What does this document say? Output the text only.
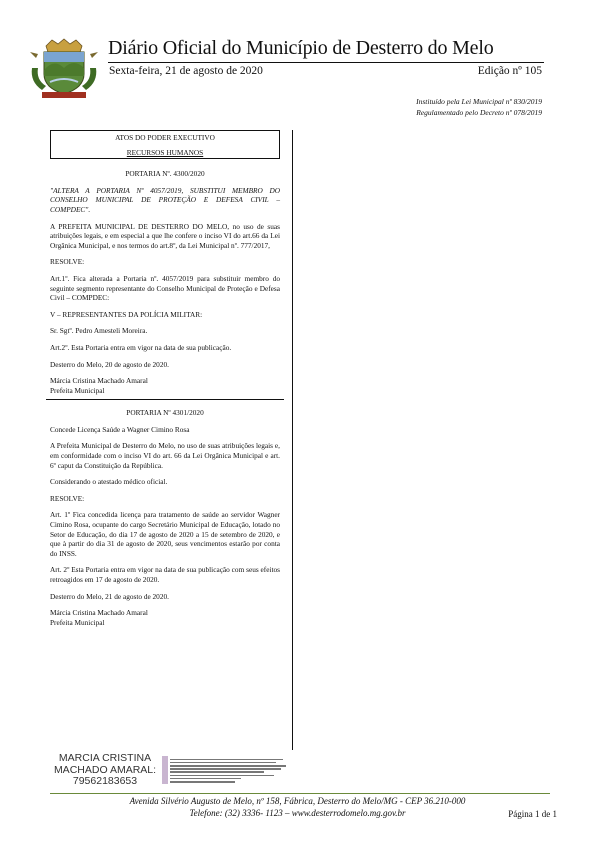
Diário Oficial do Município de Desterro do Melo
Sexta-feira, 21 de agosto de 2020	Edição nº 105
Instituído pela Lei Municipal nº 830/2019
Regulamentado pelo Decreto nº 078/2019

ATOS DO PODER EXECUTIVO

RECURSOS HUMANOS

PORTARIA Nº. 4300/2020

"ALTERA A PORTARIA Nº 4057/2019, SUBSTITUI MEMBRO DO CONSELHO MUNICIPAL DE PROTEÇÃO E DEFESA CIVIL – COMPDEC".

A PREFEITA MUNICIPAL DE DESTERRO DO MELO, no uso de suas atribuições legais, e em especial a que lhe confere o inciso VI do art.66 da Lei Orgânica Municipal, e nos termos do art.8º, da Lei Municipal nº. 777/2017,

RESOLVE:

Art.1º. Fica alterada a Portaria nº. 4057/2019 para substituir membro do seguinte segmento representante do Conselho Municipal de Proteção e Defesa Civil – COMPDEC:

V – REPRESENTANTES DA POLÍCIA MILITAR:

Sr. Sgtº. Pedro Amesteli Moreira.

Art.2º. Esta Portaria entra em vigor na data de sua publicação.

Desterro do Melo, 20 de agosto de 2020.

Márcia Cristina Machado Amaral

Prefeita Municipal

PORTARIA Nº 4301/2020

Concede Licença Saúde a Wagner Cimino Rosa

A Prefeita Municipal de Desterro do Melo, no uso de suas atribuições legais e, em conformidade com o inciso VI do art. 66 da Lei Orgânica Municipal e art. 6º caput da Constituição da República.

Considerando o atestado médico oficial.

RESOLVE:

Art. 1º Fica concedida licença para tratamento de saúde ao servidor Wagner Cimino Rosa, ocupante do cargo Secretário Municipal de Educação, lotado no Setor de Educação, do dia 17 de agosto de 2020 a 15 de setembro de 2020, e que à partir do dia 31 de agosto de 2020, seus vencimentos estarão por conta do INSS.

Art. 2º Esta Portaria entra em vigor na data de sua publicação com seus efeitos retroagidos em 17 de agosto de 2020.

Desterro do Melo, 21 de agosto de 2020.

Márcia Cristina Machado Amaral

Prefeita Municipal

MARCIA CRISTINA
MACHADO AMARAL:
79562183653
Avenida Silvério Augusto de Melo, nº 158, Fábrica, Desterro do Melo/MG - CEP 36.210-000
Telefone: (32) 3336- 1123 – www.desterrodomelo.mg.gov.br	Página 1 de 1
